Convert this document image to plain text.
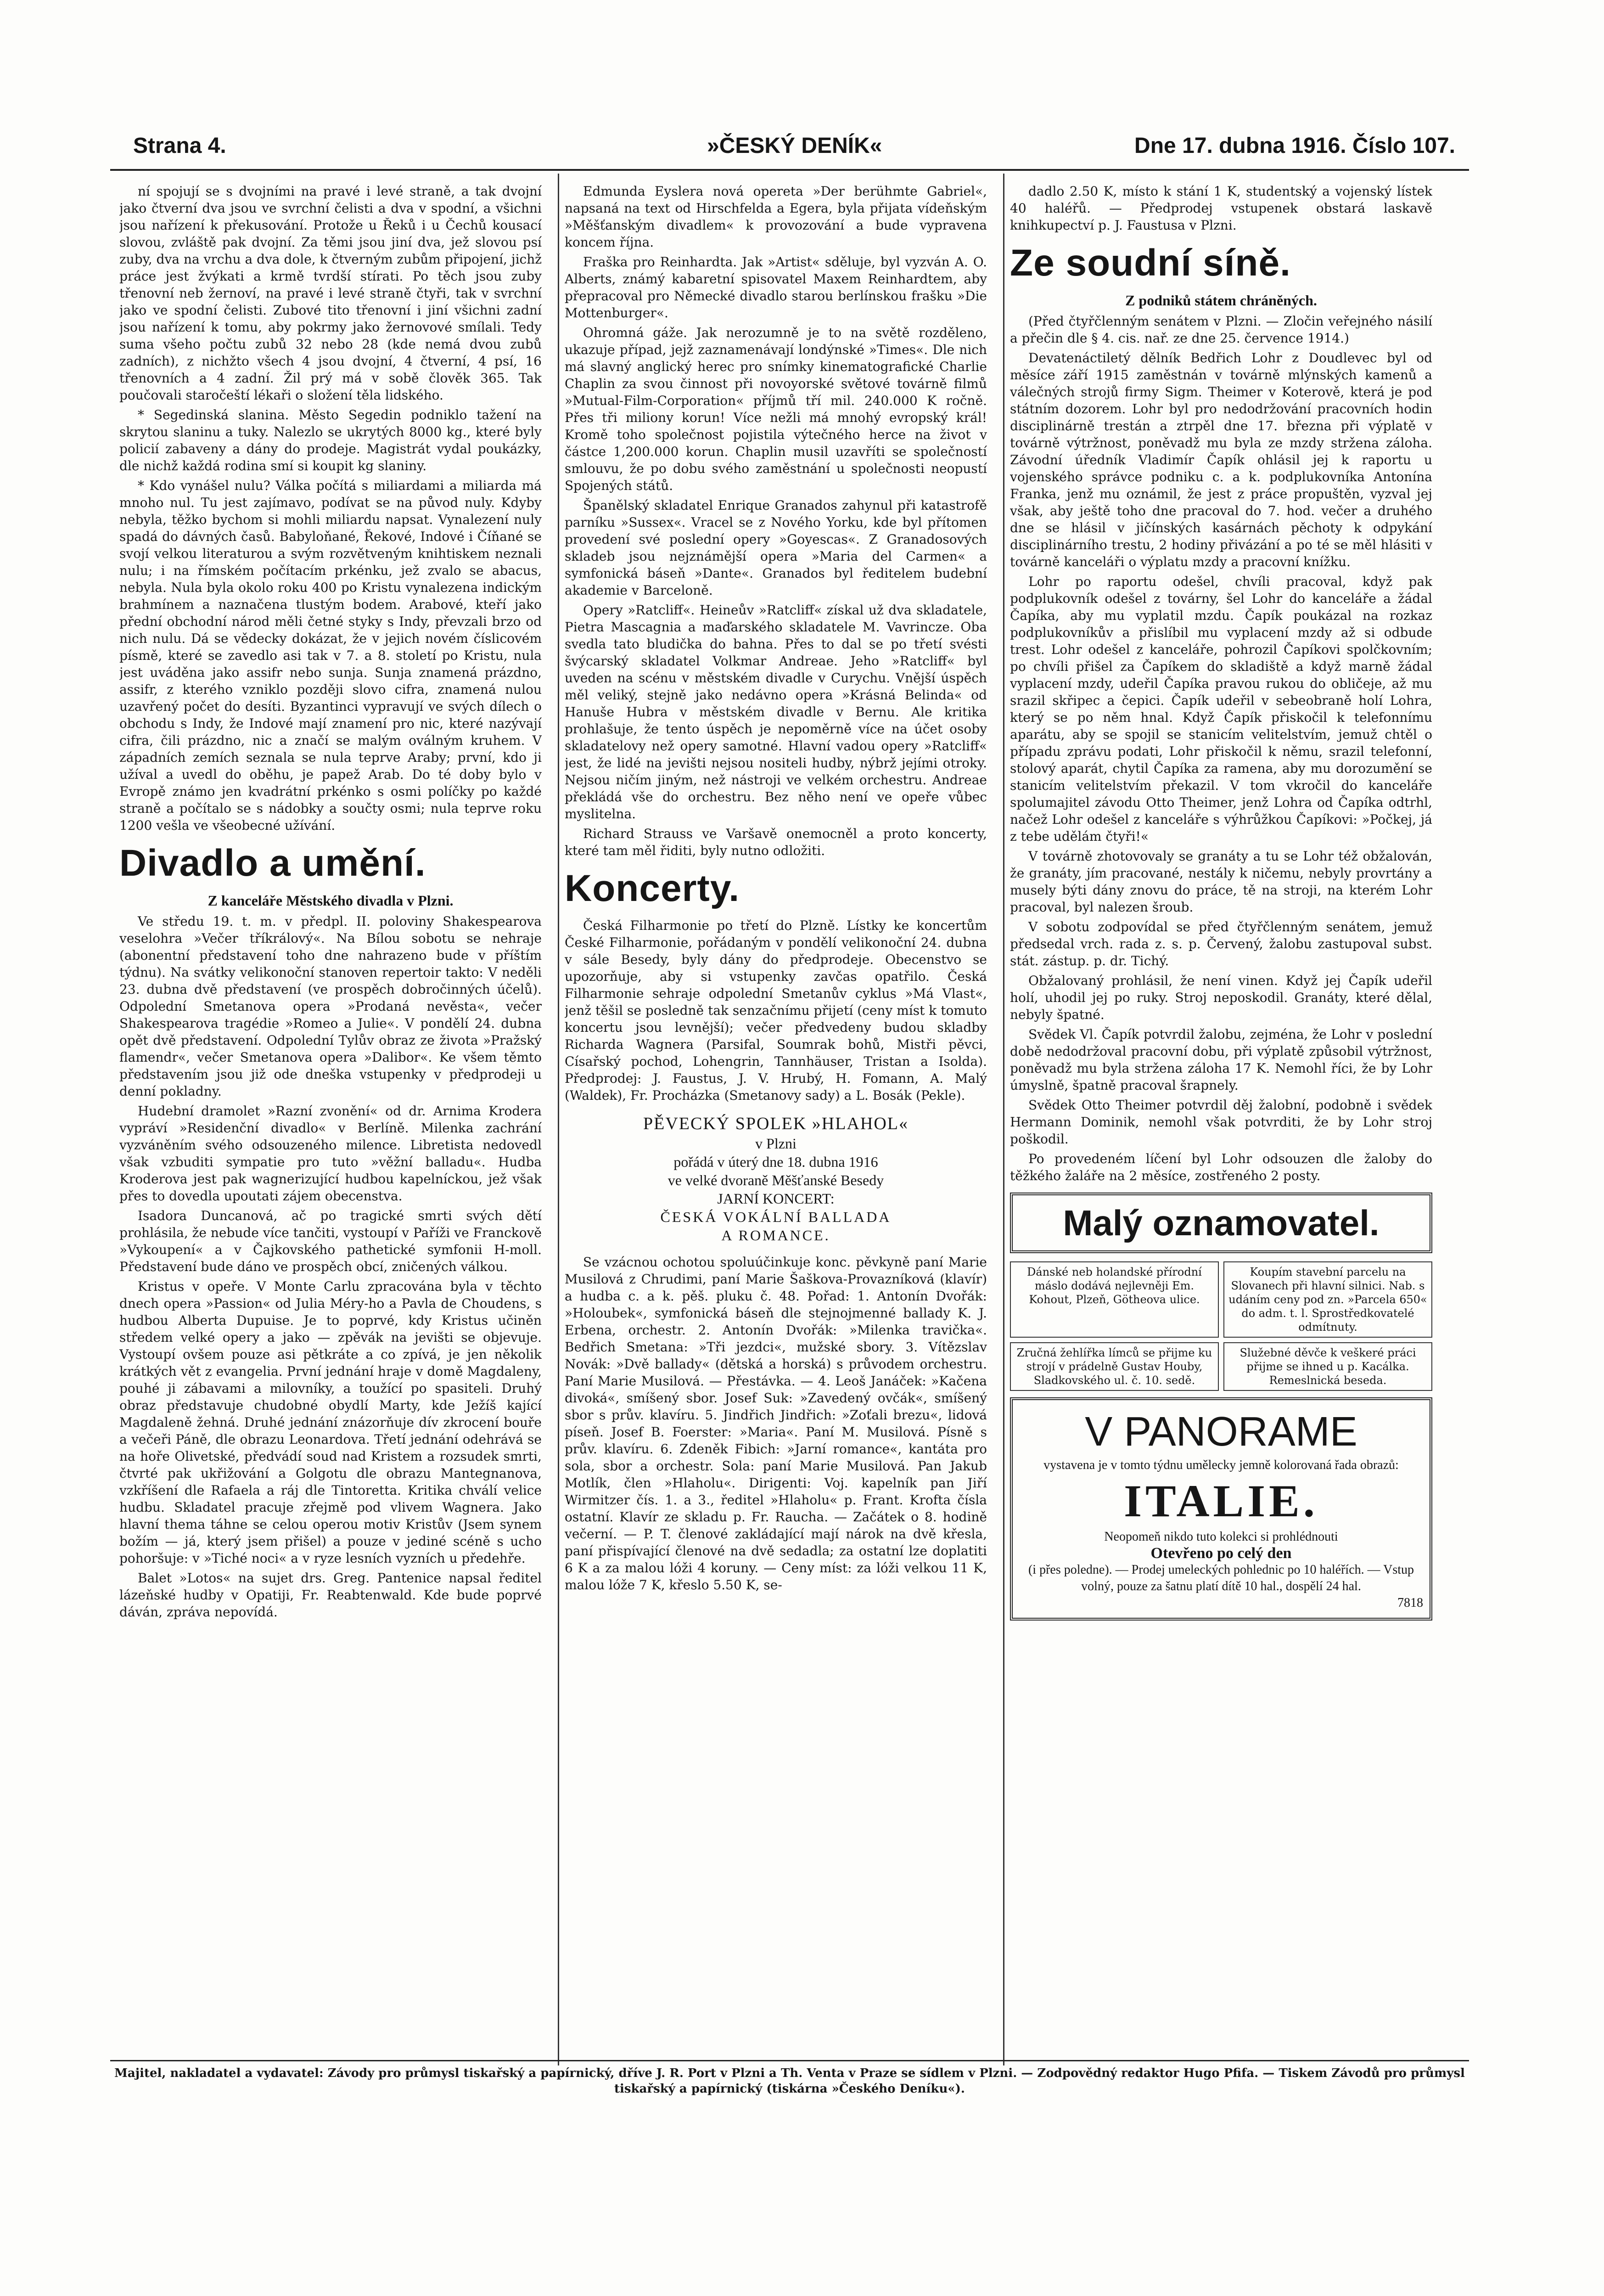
Strana 4.	»ČESKÝ DENÍK«	Dne 17. dubna 1916. Číslo 107.

ní spojují se s dvojními na pravé i levé straně, a tak dvojní jako čtverní dva jsou ve svrchní čelisti a dva v spodní, a všichni jsou nařízení k překusování. Protože u Řeků i u Čechů kousací slovou, zvláště pak dvojní. Za těmi jsou jiní dva, jež slovou psí zuby, dva na vrchu a dva dole, k čtverným zubům připojení, jichž práce jest žvýkati a krmě tvrdší stírati. Po těch jsou zuby třenovní neb žernoví, na pravé i levé straně čtyři, tak v svrchní jako ve spodní čelisti. Zubové tito třenovní i jiní všichni zadní jsou nařízení k tomu, aby pokrmy jako žernovové smílali. Tedy suma všeho počtu zubů 32 nebo 28 (kde nemá dvou zubů zadních), z nichžto všech 4 jsou dvojní, 4 čtverní, 4 psí, 16 třenovních a 4 zadní. Žil prý má v sobě člověk 365. Tak poučovali staročeští lékaři o složení těla lidského.

* Segedinská slanina. Město Segedin podniklo tažení na skrytou slaninu a tuky. Nalezlo se ukrytých 8000 kg., které byly policií zabaveny a dány do prodeje. Magistrát vydal poukázky, dle nichž každá rodina smí si koupit kg slaniny.

* Kdo vynášel nulu? Válka počítá s miliardami a miliarda má mnoho nul. Tu jest zajímavo, podívat se na původ nuly. Kdyby nebyla, těžko bychom si mohli miliardu napsat. Vynalezení nuly spadá do dávných časů. Babyloňané, Řekové, Indové i Číňané se svojí velkou literaturou a svým rozvětveným knihtiskem neznali nulu; i na římském počítacím prkénku, jež zvalo se abacus, nebyla. Nula byla okolo roku 400 po Kristu vynalezena indickým brahmínem a naznačena tlustým bodem. Arabové, kteří jako přední obchodní národ měli četné styky s Indy, převzali brzo od nich nulu. Dá se vědecky dokázat, že v jejich novém číslicovém písmě, které se zavedlo asi tak v 7. a 8. století po Kristu, nula jest uváděna jako assifr nebo sunja. Sunja znamená prázdno, assifr, z kterého vzniklo později slovo cifra, znamená nulou uzavřený počet do desíti. Byzantinci vypravují ve svých dílech o obchodu s Indy, že Indové mají znamení pro nic, které nazývají cifra, čili prázdno, nic a značí se malým oválným kruhem. V západních zemích seznala se nula teprve Araby; první, kdo ji užíval a uvedl do oběhu, je papež Arab. Do té doby bylo v Evropě známo jen kvadrátní prkénko s osmi políčky po každé straně a počítalo se s nádobky a součty osmi; nula teprve roku 1200 vešla ve všeobecné užívání.

Divadlo a umění.
Z kanceláře Městského divadla v Plzni.

Ve středu 19. t. m. v předpl. II. poloviny Shakespearova veselohra »Večer tříkrálový«. Na Bílou sobotu se nehraje (abonentní představení toho dne nahrazeno bude v příštím týdnu). Na svátky velikonoční stanoven repertoir takto: V neděli 23. dubna dvě představení (ve prospěch dobročinných účelů). Odpolední Smetanova opera »Prodaná nevěsta«, večer Shakespearova tragédie »Romeo a Julie«. V pondělí 24. dubna opět dvě představení. Odpolední Tylův obraz ze života »Pražský flamendr«, večer Smetanova opera »Dalibor«. Ke všem těmto představením jsou již ode dneška vstupenky v předprodeji u denní pokladny.

Hudební dramolet »Razní zvonění« od dr. Arnima Krodera vypráví »Residenční divadlo« v Berlíně. Milenka zachrání vyzváněním svého odsouzeného milence. Libretista nedovedl však vzbuditi sympatie pro tuto »věžní balladu«. Hudba Kroderova jest pak wagnerizující hudbou kapelníckou, jež však přes to dovedla upoutati zájem obecenstva.

Isadora Duncanová, ač po tragické smrti svých dětí prohlásila, že nebude více tančiti, vystoupí v Paříži ve Franckově »Vykoupení« a v Čajkovského pathetické symfonii H-moll. Představení bude dáno ve prospěch obcí, zničených válkou.

Kristus v opeře. V Monte Carlu zpracována byla v těchto dnech opera »Passion« od Julia Méry-ho a Pavla de Choudens, s hudbou Alberta Dupuise. Je to poprvé, kdy Kristus učiněn středem velké opery a jako — zpěvák na jevišti se objevuje. Vystoupí ovšem pouze asi pětkráte a co zpívá, je jen několik krátkých vět z evangelia. První jednání hraje v domě Magdaleny, pouhé ji zábavami a milovníky, a toužící po spasiteli. Druhý obraz představuje chudobné obydlí Marty, kde Ježíš kající Magdaleně žehná. Druhé jednání znázorňuje dív zkrocení bouře a večeři Páně, dle obrazu Leonardova. Třetí jednání odehrává se na hoře Olivetské, předvádí soud nad Kristem a rozsudek smrti, čtvrté pak ukřižování a Golgotu dle obrazu Mantegnanova, vzkříšení dle Rafaela a ráj dle Tintoretta. Kritika chválí velice hudbu. Skladatel pracuje zřejmě pod vlivem Wagnera. Jako hlavní thema táhne se celou operou motiv Kristův (Jsem synem božím — já, který jsem přišel) a pouze v jediné scéně s ucho pohoršuje: v »Tiché noci« a v ryze lesních vyzních u předehře.

Balet »Lotos« na sujet drs. Greg. Pantenice napsal ředitel lázeňské hudby v Opatiji, Fr. Reabtenwald. Kde bude poprvé dáván, zpráva nepovídá.

Edmunda Eyslera nová opereta »Der berühmte Gabriel«, napsaná na text od Hirschfelda a Egera, byla přijata vídeňským »Měšťanským divadlem« k provozování a bude vypravena koncem října.

Fraška pro Reinhardta. Jak »Artist« sděluje, byl vyzván A. O. Alberts, známý kabaretní spisovatel Maxem Reinhardtem, aby přepracoval pro Německé divadlo starou berlínskou frašku »Die Mottenburger«.

Ohromná gáže. Jak nerozumně je to na světě rozděleno, ukazuje případ, jejž zaznamenávají londýnské »Times«. Dle nich má slavný anglický herec pro snímky kinematografické Charlie Chaplin za svou činnost při novoyorské světové továrně filmů »Mutual-Film-Corporation« příjmů tří mil. 240.000 K ročně. Přes tři miliony korun! Více nežli má mnohý evropský král! Kromě toho společnost pojistila výtečného herce na život v částce 1,200.000 korun. Chaplin musil uzavříti se společností smlouvu, že po dobu svého zaměstnání u společnosti neopustí Spojených států.

Španělský skladatel Enrique Granados zahynul při katastrofě parníku »Sussex«. Vracel se z Nového Yorku, kde byl přítomen provedení své poslední opery »Goyescas«. Z Granadosových skladeb jsou nejznámější opera »Maria del Carmen« a symfonická báseň »Dante«. Granados byl ředitelem budební akademie v Barceloně.

Opery »Ratcliff«. Heineův »Ratcliff« získal už dva skladatele, Pietra Mascagnia a maďarského skladatele M. Vavrincze. Oba svedla tato bludička do bahna. Přes to dal se po třetí svésti švýcarský skladatel Volkmar Andreae. Jeho »Ratcliff« byl uveden na scénu v městském divadle v Curychu. Vnější úspěch měl veliký, stejně jako nedávno opera »Krásná Belinda« od Hanuše Hubra v městském divadle v Bernu. Ale kritika prohlašuje, že tento úspěch je nepoměrně více na účet osoby skladatelovy než opery samotné. Hlavní vadou opery »Ratcliff« jest, že lidé na jevišti nejsou nositeli hudby, nýbrž jejími otroky. Nejsou ničím jiným, než nástroji ve velkém orchestru. Andreae překládá vše do orchestru. Bez něho není ve opeře vůbec myslitelna.

Richard Strauss ve Varšavě onemocněl a proto koncerty, které tam měl řiditi, byly nutno odložiti.

Koncerty.

Česká Filharmonie po třetí do Plzně. Lístky ke koncertům České Filharmonie, pořádaným v pondělí velikonoční 24. dubna v sále Besedy, byly dány do předprodeje. Obecenstvo se upozorňuje, aby si vstupenky zavčas opatřilo. Česká Filharmonie sehraje odpolední Smetanův cyklus »Má Vlast«, jenž těšil se posledně tak senzačnímu přijetí (ceny míst k tomuto koncertu jsou levnější); večer předvedeny budou skladby Richarda Wagnera (Parsifal, Soumrak bohů, Mistři pěvci, Císařský pochod, Lohengrin, Tannhäuser, Tristan a Isolda). Předprodej: J. Faustus, J. V. Hrubý, H. Fomann, A. Malý (Waldek), Fr. Procházka (Smetanovy sady) a L. Bosák (Pekle).

PĚVECKÝ SPOLEK »HLAHOL«
v Plzni
pořádá v úterý dne 18. dubna 1916
ve velké dvoraně Měšťanské Besedy
JARNÍ KONCERT:
ČESKÁ VOKÁLNÍ BALLADA
A ROMANCE.

Se vzácnou ochotou spoluúčinkuje konc. pěvkyně paní Marie Musilová z Chrudimi, paní Marie Šaškova-Provazníková (klavír) a hudba c. a k. pěš. pluku č. 48. Pořad: 1. Antonín Dvořák: »Holoubek«, symfonická báseň dle stejnojmenné ballady K. J. Erbena, orchestr. 2. Antonín Dvořák: »Milenka travička«. Bedřich Smetana: »Tři jezdci«, mužské sbory. 3. Vítězslav Novák: »Dvě ballady« (dětská a horská) s průvodem orchestru. Paní Marie Musilová. — Přestávka. — 4. Leoš Janáček: »Kačena divoká«, smíšený sbor. Josef Suk: »Zavedený ovčák«, smíšený sbor s prův. klavíru. 5. Jindřich Jindřich: »Zoťali brezu«, lidová píseň. Josef B. Foerster: »Maria«. Paní M. Musilová. Písně s prův. klavíru. 6. Zdeněk Fibich: »Jarní romance«, kantáta pro sola, sbor a orchestr. Sola: paní Marie Musilová. Pan Jakub Motlík, člen »Hlaholu«. Dirigenti: Voj. kapelník pan Jiří Wirmitzer čís. 1. a 3., ředitel »Hlaholu« p. Frant. Krofta čísla ostatní. Klavír ze skladu p. Fr. Raucha. — Začátek o 8. hodině večerní. — P. T. členové zakládající mají nárok na dvě křesla, paní přispívající členové na dvě sedadla; za ostatní lze doplatiti 6 K a za malou lóži 4 koruny. — Ceny míst: za lóži velkou 11 K, malou lóže 7 K, křeslo 5.50 K, se-

dadlo 2.50 K, místo k stání 1 K, studentský a vojenský lístek 40 haléřů. — Předprodej vstupenek obstará laskavě knihkupectví p. J. Faustusa v Plzni.

Ze soudní síně.
Z podniků státem chráněných.

(Před čtyřčlenným senátem v Plzni. — Zločin veřejného násilí a přečin dle § 4. cis. nař. ze dne 25. července 1914.)

Devatenáctiletý dělník Bedřich Lohr z Doudlevec byl od měsíce září 1915 zaměstnán v továrně mlýnských kamenů a válečných strojů firmy Sigm. Theimer v Koterově, která je pod státním dozorem. Lohr byl pro nedodržování pracovních hodin disciplinárně trestán a ztrpěl dne 17. března při výplatě v továrně výtržnost, poněvadž mu byla ze mzdy stržena záloha. Závodní úředník Vladimír Čapík ohlásil jej k raportu u vojenského správce podniku c. a k. podplukovníka Antonína Franka, jenž mu oznámil, že jest z práce propuštěn, vyzval jej však, aby ještě toho dne pracoval do 7. hod. večer a druhého dne se hlásil v jičínských kasárnách pěchoty k odpykání disciplinárního trestu, 2 hodiny přivázání a po té se měl hlásiti v továrně kanceláři o výplatu mzdy a pracovní knížku.

Lohr po raportu odešel, chvíli pracoval, když pak podplukovník odešel z továrny, šel Lohr do kanceláře a žádal Čapíka, aby mu vyplatil mzdu. Čapík poukázal na rozkaz podplukovníkův a přislíbil mu vyplacení mzdy až si odbude trest. Lohr odešel z kanceláře, pohrozil Čapíkovi spolčkovním; po chvíli přišel za Čapíkem do skladiště a když marně žádal vyplacení mzdy, udeřil Čapíka pravou rukou do obličeje, až mu srazil skřipec a čepici. Čapík udeřil v sebeobraně holí Lohra, který se po něm hnal. Když Čapík přiskočil k telefonnímu aparátu, aby se spojil se stanicím velitelstvím, jemuž chtěl o případu zprávu podati, Lohr přiskočil k němu, srazil telefonní, stolový aparát, chytil Čapíka za ramena, aby mu dorozumění se stanicím velitelstvím překazil. V tom vkročil do kanceláře spolumajitel závodu Otto Theimer, jenž Lohra od Čapíka odtrhl, načež Lohr odešel z kanceláře s výhrůžkou Čapíkovi: »Počkej, já z tebe udělám čtyři!«

V továrně zhotovovaly se granáty a tu se Lohr též obžalován, že granáty, jím pracované, nestály k ničemu, nebyly provrtány a musely býti dány znovu do práce, tě na stroji, na kterém Lohr pracoval, byl nalezen šroub.

V sobotu zodpovídal se před čtyřčlenným senátem, jemuž předsedal vrch. rada z. s. p. Červený, žalobu zastupoval subst. stát. zástup. p. dr. Tichý.

Obžalovaný prohlásil, že není vinen. Když jej Čapík udeřil holí, uhodil jej po ruky. Stroj neposkodil. Granáty, které dělal, nebyly špatné.

Svědek Vl. Čapík potvrdil žalobu, zejména, že Lohr v poslední době nedodržoval pracovní dobu, při výplatě způsobil výtržnost, poněvadž mu byla stržena záloha 17 K. Nemohl říci, že by Lohr úmyslně, špatně pracoval šrapnely.

Svědek Otto Theimer potvrdil děj žalobní, podobně i svědek Hermann Dominik, nemohl však potvrditi, že by Lohr stroj poškodil.

Po provedeném líčení byl Lohr odsouzen dle žaloby do těžkého žaláře na 2 měsíce, zostřeného 2 posty.

Malý oznamovatel.
Dánské neb holandské přírodní máslo dodává nejlevněji Em. Kohout, Plzeň, Götheova ulice.
Koupím stavební parcelu na Slovanech při hlavní silnici. Nab. s udáním ceny pod zn. »Parcela 650« do adm. t. l. Sprostředkovatelé odmítnuty.
Zručná žehlířka límců se přijme ku strojí v prádelně Gustav Houby, Sladkovského ul. č. 10. sedě.
Služebné děvče k veškeré práci přijme se ihned u p. Kacálka. Remeslnická beseda.
V PANORAME
vystavena je v tomto týdnu umělecky jemně kolorovaná řada obrazů:
ITALIE.
Neopomeň nikdo tuto kolekci si prohlédnouti
Otevřeno po celý den
(i přes poledne). — Prodej umeleckých pohlednic po 10 haléřích. — Vstup volný, pouze za šatnu platí dítě 10 hal., dospělí 24 hal.
7818
Majitel, nakladatel a vydavatel: Závody pro průmysl tiskařský a papírnický, dříve J. R. Port v Plzni a Th. Venta v Praze se sídlem v Plzni. — Zodpovědný redaktor Hugo Pfifa. — Tiskem Závodů pro průmysl tiskařský a papírnický (tiskárna »Českého Deníku«).
